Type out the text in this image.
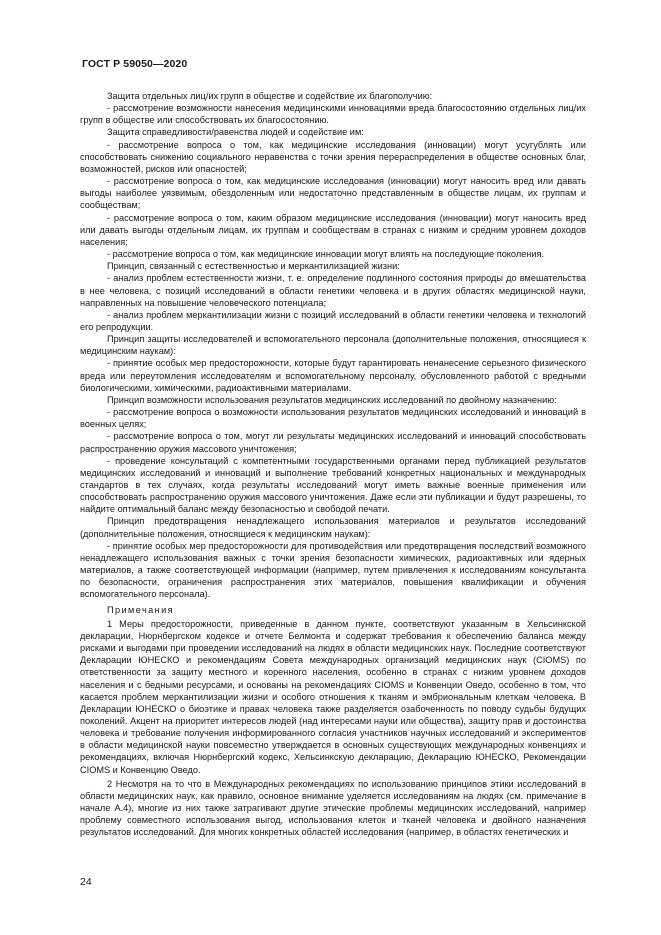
ГОСТ Р 59050—2020

Защита отдельных лиц/их групп в обществе и содействие их благополучию:

- рассмотрение возможности нанесения медицинскими инновациями вреда благосостоянию отдельных лиц/их групп в обществе или способствовать их благосостоянию.

Защита справедливости/равенства людей и содействие им:

- рассмотрение вопроса о том, как медицинские исследования (инновации) могут усугублять или способствовать снижению социального неравенства с точки зрения перераспределения в обществе основных благ, возможностей, рисков или опасностей;

- рассмотрение вопроса о том, как медицинские исследования (инновации) могут наносить вред или давать выгоды наиболее уязвимым, обездоленным или недостаточно представленным в обществе лицам, их группам и сообществам;

- рассмотрение вопроса о том, каким образом медицинские исследования (инновации) могут наносить вред или давать выгоды отдельным лицам, их группам и сообществам в странах с низким и средним уровнем доходов населения;

- рассмотрение вопроса о том, как медицинские инновации могут влиять на последующие поколения.

Принцип, связанный с естественностью и меркантилизацией жизни:

- анализ проблем естественности жизни, т. е. определение подлинного состояния природы до вмешательства в нее человека, с позиций исследований в области генетики человека и в других областях медицинской науки, направленных на повышение человеческого потенциала;

- анализ проблем меркантилизации жизни с позиций исследований в области генетики человека и технологий его репродукции.

Принцип защиты исследователей и вспомогательного персонала (дополнительные положения, относящиеся к медицинским наукам):

- принятие особых мер предосторожности, которые будут гарантировать ненанесение серьезного физического вреда или переутомления исследователям и вспомогательному персоналу, обусловленного работой с вредными биологическими, химическими, радиоактивными материалами.

Принцип возможности использования результатов медицинских исследований по двойному назначению:

- рассмотрение вопроса о возможности использования результатов медицинских исследований и инноваций в военных целях;

- рассмотрение вопроса о том, могут ли результаты медицинских исследований и инноваций способствовать распространению оружия массового уничтожения;

- проведение консультаций с компетентными государственными органами перед публикацией результатов медицинских исследований и инноваций и выполнение требований конкретных национальных и международных стандартов в тех случаях, когда результаты исследований могут иметь важные военные применения или способствовать распространению оружия массового уничтожения. Даже если эти публикации и будут разрешены, то найдите оптимальный баланс между безопасностью и свободой печати.

Принцип предотвращения ненадлежащего использования материалов и результатов исследований (дополнительные положения, относящиеся к медицинским наукам):

- принятие особых мер предосторожности для противодействия или предотвращения последствий возможного ненадлежащего использования важных с точки зрения безопасности химических, радиоактивных или ядерных материалов, а также соответствующей информации (например, путем привлечения к исследованиям консультанта по безопасности, ограничения распространения этих материалов, повышения квалификации и обучения вспомогательного персонала).

Примечания

1 Меры предосторожности, приведенные в данном пункте, соответствуют указанным в Хельсинкской декларации, Нюрнбергском кодексе и отчете Белмонта и содержат требования к обеспечению баланса между рисками и выгодами при проведении исследований на людях в области медицинских наук. Последние соответствуют Декларации ЮНЕСКО и рекомендациям Совета международных организаций медицинских наук (CIOMS) по ответственности за защиту местного и коренного населения, особенно в странах с низким уровнем доходов населения и с бедными ресурсами, и основаны на рекомендациях CIOMS и Конвенции Оведо, особенно в том, что касается проблем меркантилизации жизни и особого отношения к тканям и эмбриональным клеткам человека. В Декларации ЮНЕСКО о биоэтике и правах человека также разделяется озабоченность по поводу судьбы будущих поколений. Акцент на приоритет интересов людей (над интересами науки или общества), защиту прав и достоинства человека и требование получения информированного согласия участников научных исследований и экспериментов в области медицинской науки повсеместно утверждается в основных существующих международных конвенциях и рекомендациях, включая Нюрнбергский кодекс, Хельсинкскую декларацию, Декларацию ЮНЕСКО, Рекомендации CIOMS и Конвенцию Оведо.

2 Несмотря на то что в Международных рекомендациях по использованию принципов этики исследований в области медицинских наук, как правило, основное внимание уделяется исследованиям на людях (см. примечание в начале А.4), многие из них также затрагивают другие этические проблемы медицинских исследований, например проблему совместного использования выгод, использования клеток и тканей человека и двойного назначения результатов исследований. Для многих конкретных областей исследования (например, в областях генетических и

24
